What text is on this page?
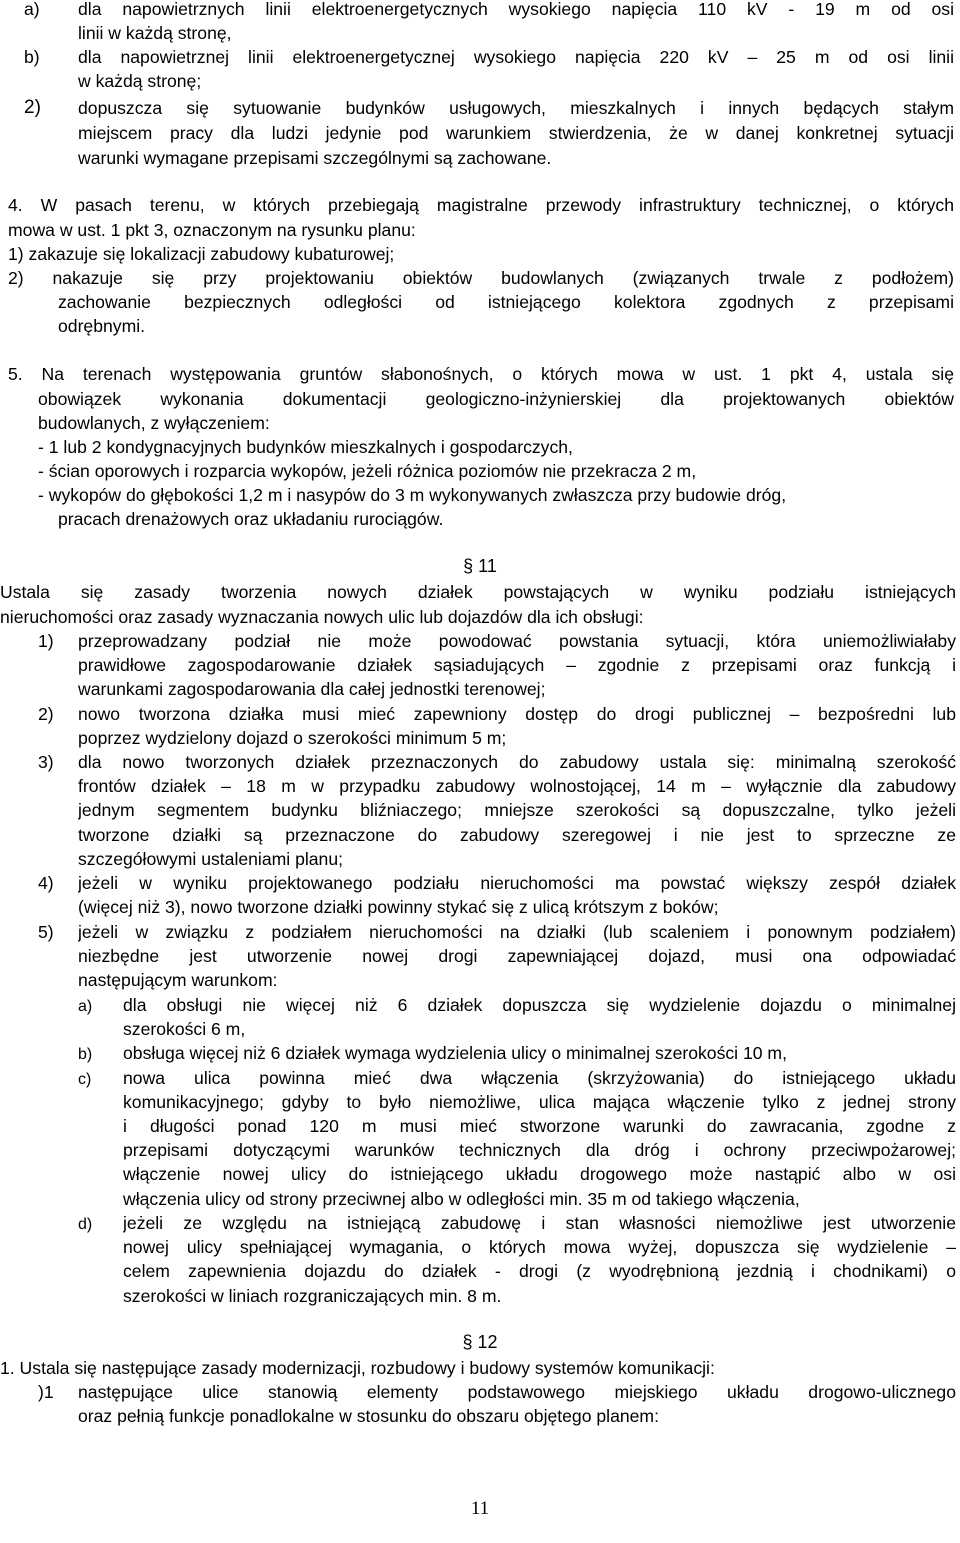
a) dla napowietrznych linii elektroenergetycznych wysokiego napięcia 110 kV - 19 m od osi
linii w każdą stronę,
b) dla napowietrznej linii elektroenergetycznej wysokiego napięcia 220 kV – 25 m od osi linii
w każdą stronę;
2) dopuszcza się sytuowanie budynków usługowych, mieszkalnych i innych będących stałym
miejscem pracy dla ludzi jedynie pod warunkiem stwierdzenia, że w danej konkretnej sytuacji
warunki wymagane przepisami szczególnymi są zachowane.
4. W pasach terenu, w których przebiegają magistralne przewody infrastruktury technicznej, o których
mowa w ust. 1 pkt 3, oznaczonym na rysunku planu:
1) zakazuje się lokalizacji zabudowy kubaturowej;
2) nakazuje się przy projektowaniu obiektów budowlanych (związanych trwale z podłożem)
zachowanie bezpiecznych odległości od istniejącego kolektora zgodnych z przepisami
odrębnymi.
5. Na terenach występowania gruntów słabonośnych, o których mowa w ust. 1 pkt 4, ustala się
obowiązek wykonania dokumentacji geologiczno-inżynierskiej dla projektowanych obiektów
budowlanych, z wyłączeniem:
- 1 lub 2 kondygnacyjnych budynków mieszkalnych i gospodarczych,
- ścian oporowych i rozparcia wykopów, jeżeli różnica poziomów nie przekracza 2 m,
- wykopów do głębokości 1,2 m i nasypów do 3 m wykonywanych zwłaszcza przy budowie dróg,
pracach drenażowych oraz układaniu rurociągów.
§ 11
Ustala się zasady tworzenia nowych działek powstających w wyniku podziału istniejących
nieruchomości oraz zasady wyznaczania nowych ulic lub dojazdów dla ich obsługi:
1) przeprowadzany podział nie może powodować powstania sytuacji, która uniemożliwiałaby
prawidłowe zagospodarowanie działek sąsiadujących – zgodnie z przepisami oraz funkcją i
warunkami zagospodarowania dla całej jednostki terenowej;
2) nowo tworzona działka musi mieć zapewniony dostęp do drogi publicznej – bezpośredni lub
poprzez wydzielony dojazd o szerokości minimum 5 m;
3) dla nowo tworzonych działek przeznaczonych do zabudowy ustala się: minimalną szerokość
frontów działek – 18 m w przypadku zabudowy wolnostojącej, 14 m – wyłącznie dla zabudowy
jednym segmentem budynku bliźniaczego; mniejsze szerokości są dopuszczalne, tylko jeżeli
tworzone działki są przeznaczone do zabudowy szeregowej i nie jest to sprzeczne ze
szczegółowymi ustaleniami planu;
4) jeżeli w wyniku projektowanego podziału nieruchomości ma powstać większy zespół działek
(więcej niż 3), nowo tworzone działki powinny stykać się z ulicą krótszym z boków;
5) jeżeli w związku z podziałem nieruchomości na działki (lub scaleniem i ponownym podziałem)
niezbędne jest utworzenie nowej drogi zapewniającej dojazd, musi ona odpowiadać
następującym warunkom:
a) dla obsługi nie więcej niż 6 działek dopuszcza się wydzielenie dojazdu o minimalnej
szerokości 6 m,
b) obsługa więcej niż 6 działek wymaga wydzielenia ulicy o minimalnej szerokości 10 m,
c) nowa ulica powinna mieć dwa włączenia (skrzyżowania) do istniejącego układu
komunikacyjnego; gdyby to było niemożliwe, ulica mająca włączenie tylko z jednej strony
i długości ponad 120 m musi mieć stworzone warunki do zawracania, zgodne z
przepisami dotyczącymi warunków technicznych dla dróg i ochrony przeciwpożarowej;
włączenie nowej ulicy do istniejącego układu drogowego może nastąpić albo w osi
włączenia ulicy od strony przeciwnej albo w odległości min. 35 m od takiego włączenia,
d) jeżeli ze względu na istniejącą zabudowę i stan własności niemożliwe jest utworzenie
nowej ulicy spełniającej wymagania, o których mowa wyżej, dopuszcza się wydzielenie –
celem zapewnienia dojazdu do działek - drogi (z wyodrębnioną jezdnią i chodnikami) o
szerokości w liniach rozgraniczających min. 8 m.
§ 12
1. Ustala się następujące zasady modernizacji, rozbudowy i budowy systemów komunikacji:
)1 następujące ulice stanowią elementy podstawowego miejskiego układu drogowo-ulicznego
oraz pełnią funkcje ponadlokalne w stosunku do obszaru objętego planem:
11
